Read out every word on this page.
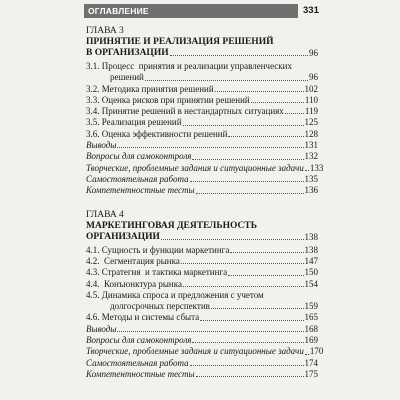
ОГЛАВЛЕНИЕ	331
ГЛАВА 3
ПРИНЯТИЕ И РЕАЛИЗАЦИЯ РЕШЕНИЙ
В ОРГАНИЗАЦИИ	96
3.1. Процесс  принятия и реализации управленческих
решений	96
3.2. Методика принятия решений	102
3.3. Оценка рисков при принятии решений	110
3.4. Принятие решений в нестандартных ситуациях 119
3.5. Реализация решений	125
3.6. Оценка эффективности решений	128
Выводы	131
Вопросы для самоконтроля	132
Творческие, проблемные задания и ситуационные задачи 133
Самостоятельная работа	135
Компетентностные тесты	136
ГЛАВА 4
МАРКЕТИНГОВАЯ ДЕЯТЕЛЬНОСТЬ
ОРГАНИЗАЦИИ	138
4.1. Сущность и функции маркетинга	138
4.2. Сегментация рынка	147
4.3. Стратегия  и тактика маркетинга	150
4.4. Конъюнктура рынка	154
4.5. Динамика спроса и предложения с учетом
долгосрочных перспектив	159
4.6. Методы и системы сбыта	165
Выводы	168
Вопросы для самоконтроля	169
Творческие, проблемные задания и ситуационные задачи 170
Самостоятельная работа	174
Компетентностные тесты	175
